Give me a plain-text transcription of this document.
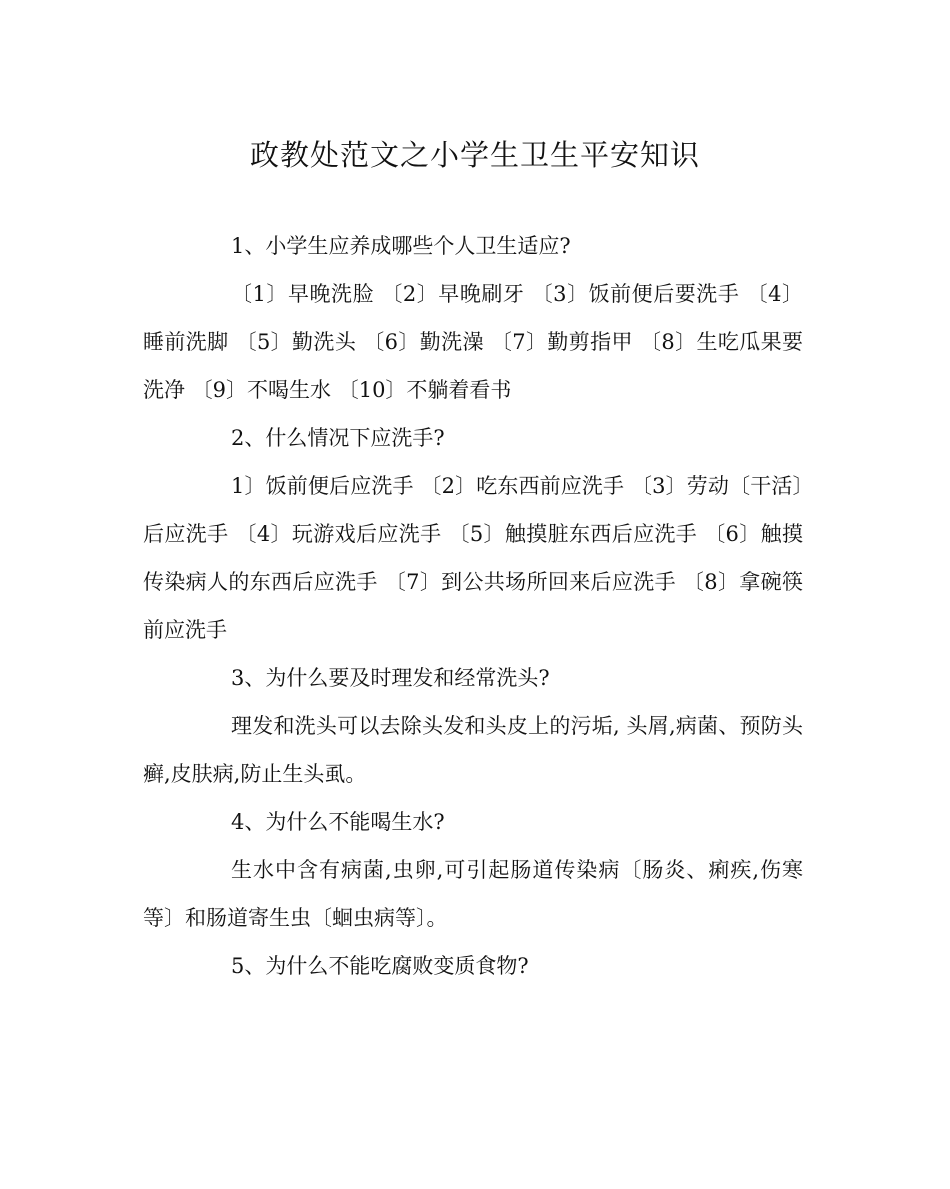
政教处范文之小学生卫生平安知识

1、小学生应养成哪些个人卫生适应?

〔1〕早晚洗脸 〔2〕早晚刷牙 〔3〕饭前便后要洗手 〔4〕睡前洗脚 〔5〕勤洗头 〔6〕勤洗澡 〔7〕勤剪指甲 〔8〕生吃瓜果要洗净 〔9〕不喝生水 〔10〕不躺着看书

2、什么情况下应洗手?

1〕饭前便后应洗手 〔2〕吃东西前应洗手 〔3〕劳动〔干活〕后应洗手 〔4〕玩游戏后应洗手 〔5〕触摸脏东西后应洗手 〔6〕触摸传染病人的东西后应洗手 〔7〕到公共场所回来后应洗手 〔8〕拿碗筷前应洗手

3、为什么要及时理发和经常洗头?

理发和洗头可以去除头发和头皮上的污垢, 头屑,病菌、预防头癣,皮肤病,防止生头虱。

4、为什么不能喝生水?

生水中含有病菌,虫卵,可引起肠道传染病〔肠炎、痢疾,伤寒等〕和肠道寄生虫〔蛔虫病等〕。

5、为什么不能吃腐败变质食物?
